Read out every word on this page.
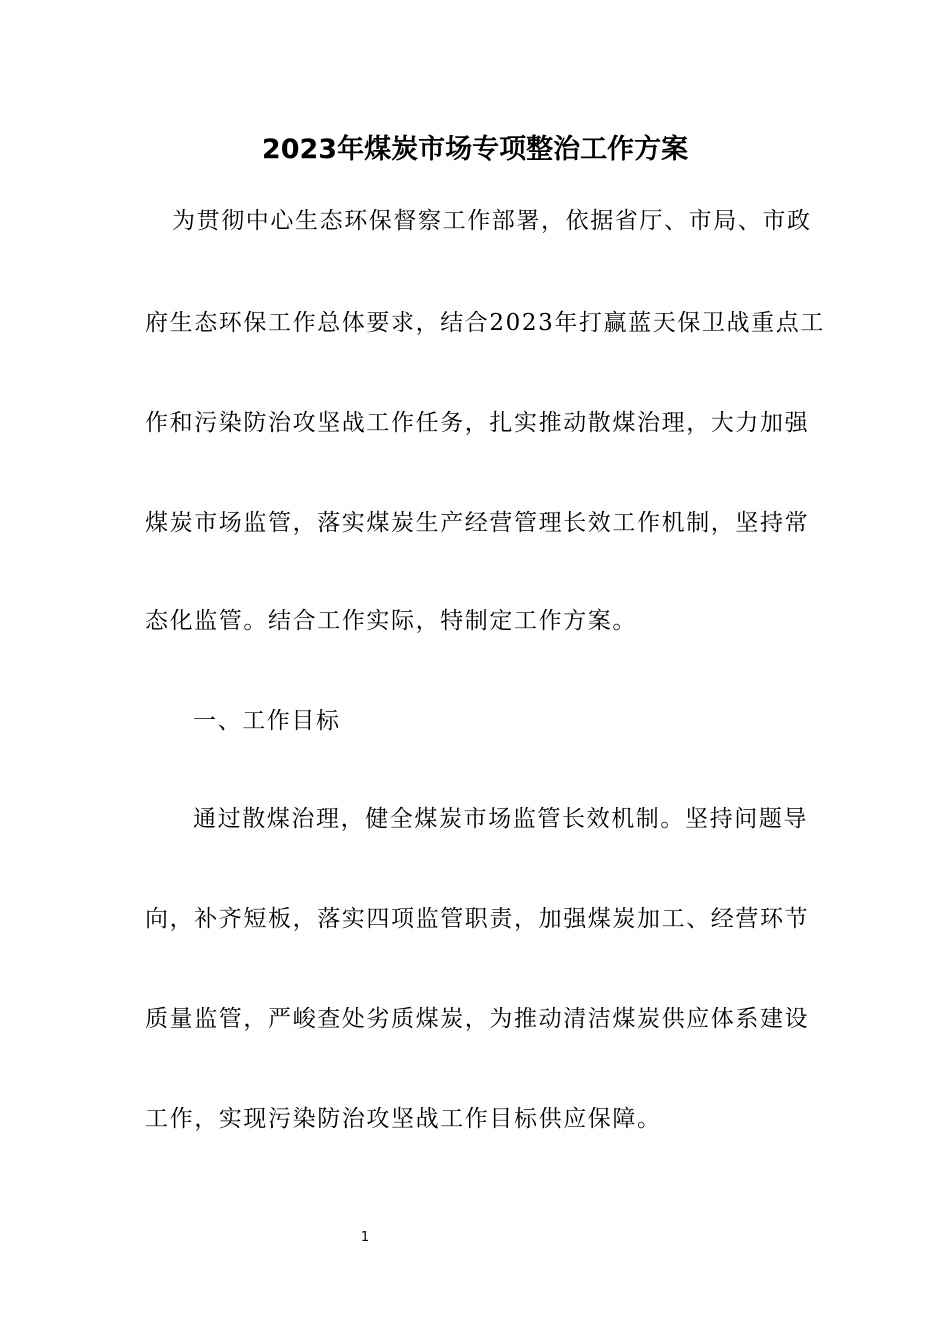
2023年煤炭市场专项整治工作方案
为贯彻中心生态环保督察工作部署，依据省厅、市局、市政
府生态环保工作总体要求，结合2023年打赢蓝天保卫战重点工
作和污染防治攻坚战工作任务，扎实推动散煤治理，大力加强
煤炭市场监管，落实煤炭生产经营管理长效工作机制，坚持常
态化监管。结合工作实际，特制定工作方案。
一、工作目标
通过散煤治理，健全煤炭市场监管长效机制。坚持问题导
向，补齐短板，落实四项监管职责，加强煤炭加工、经营环节
质量监管，严峻查处劣质煤炭，为推动清洁煤炭供应体系建设
工作，实现污染防治攻坚战工作目标供应保障。
1
